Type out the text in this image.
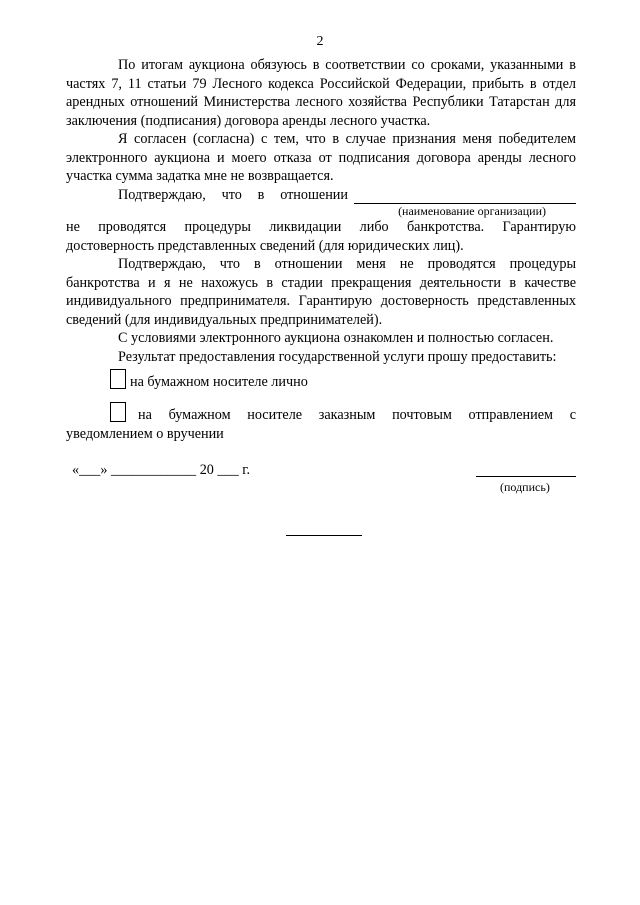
2

По итогам аукциона обязуюсь в соответствии со сроками, указанными в частях 7, 11 статьи 79 Лесного кодекса Российской Федерации, прибыть в отдел арендных отношений Министерства лесного хозяйства Республики Татарстан для заключения (подписания) договора аренды лесного участка.

Я согласен (согласна) с тем, что в случае признания меня победителем электронного аукциона и моего отказа от подписания договора аренды лесного участка сумма задатка мне не возвращается.

Подтверждаю, что в отношении
(наименование организации)

не проводятся процедуры ликвидации либо банкротства. Гарантирую достоверность представленных сведений (для юридических лиц).

Подтверждаю, что в отношении меня не проводятся процедуры банкротства и я не нахожусь в стадии прекращения деятельности в качестве индивидуального предпринимателя. Гарантирую достоверность представленных сведений (для индивидуальных предпринимателей).

С условиями электронного аукциона ознакомлен и полностью согласен.

Результат предоставления государственной услуги прошу предоставить:

на бумажном носителе лично
на бумажном носителе заказным почтовым отправлением с
уведомлением о вручении
«___» ____________ 20 ___ г.
(подпись)
